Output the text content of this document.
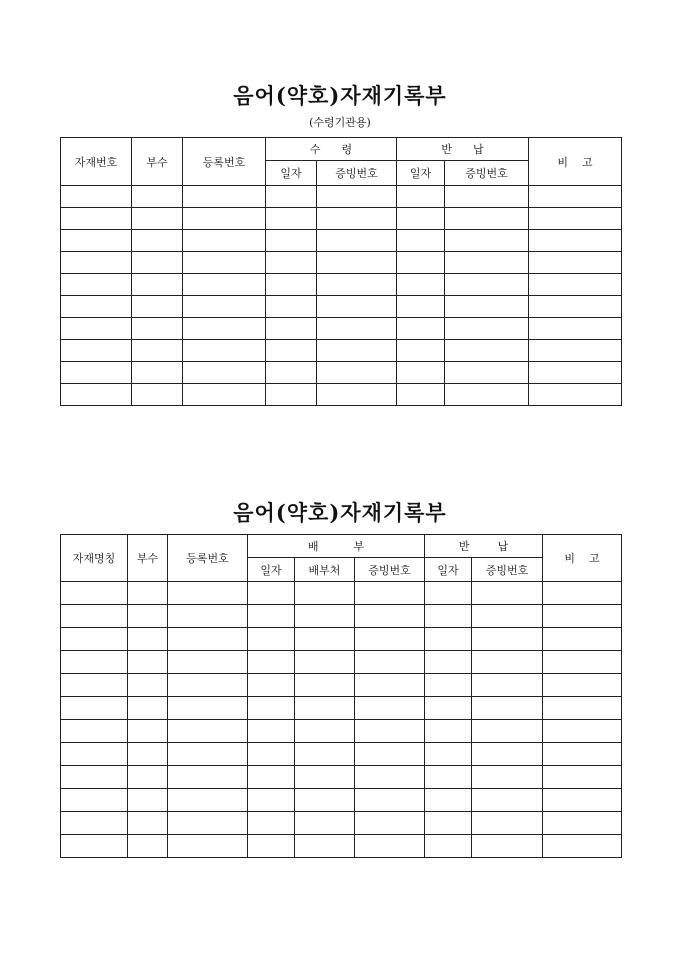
음어(약호)자재기록부
(수령기관용)
자재번호	부수	등록번호	수      령		반      납		비    고
			일자	증빙번호	일자	증빙번호	

음어(약호)자재기록부
자재명칭	부수	등록번호	배          부			반        납		비    고
			일자	배부처	증빙번호	일자	증빙번호	
